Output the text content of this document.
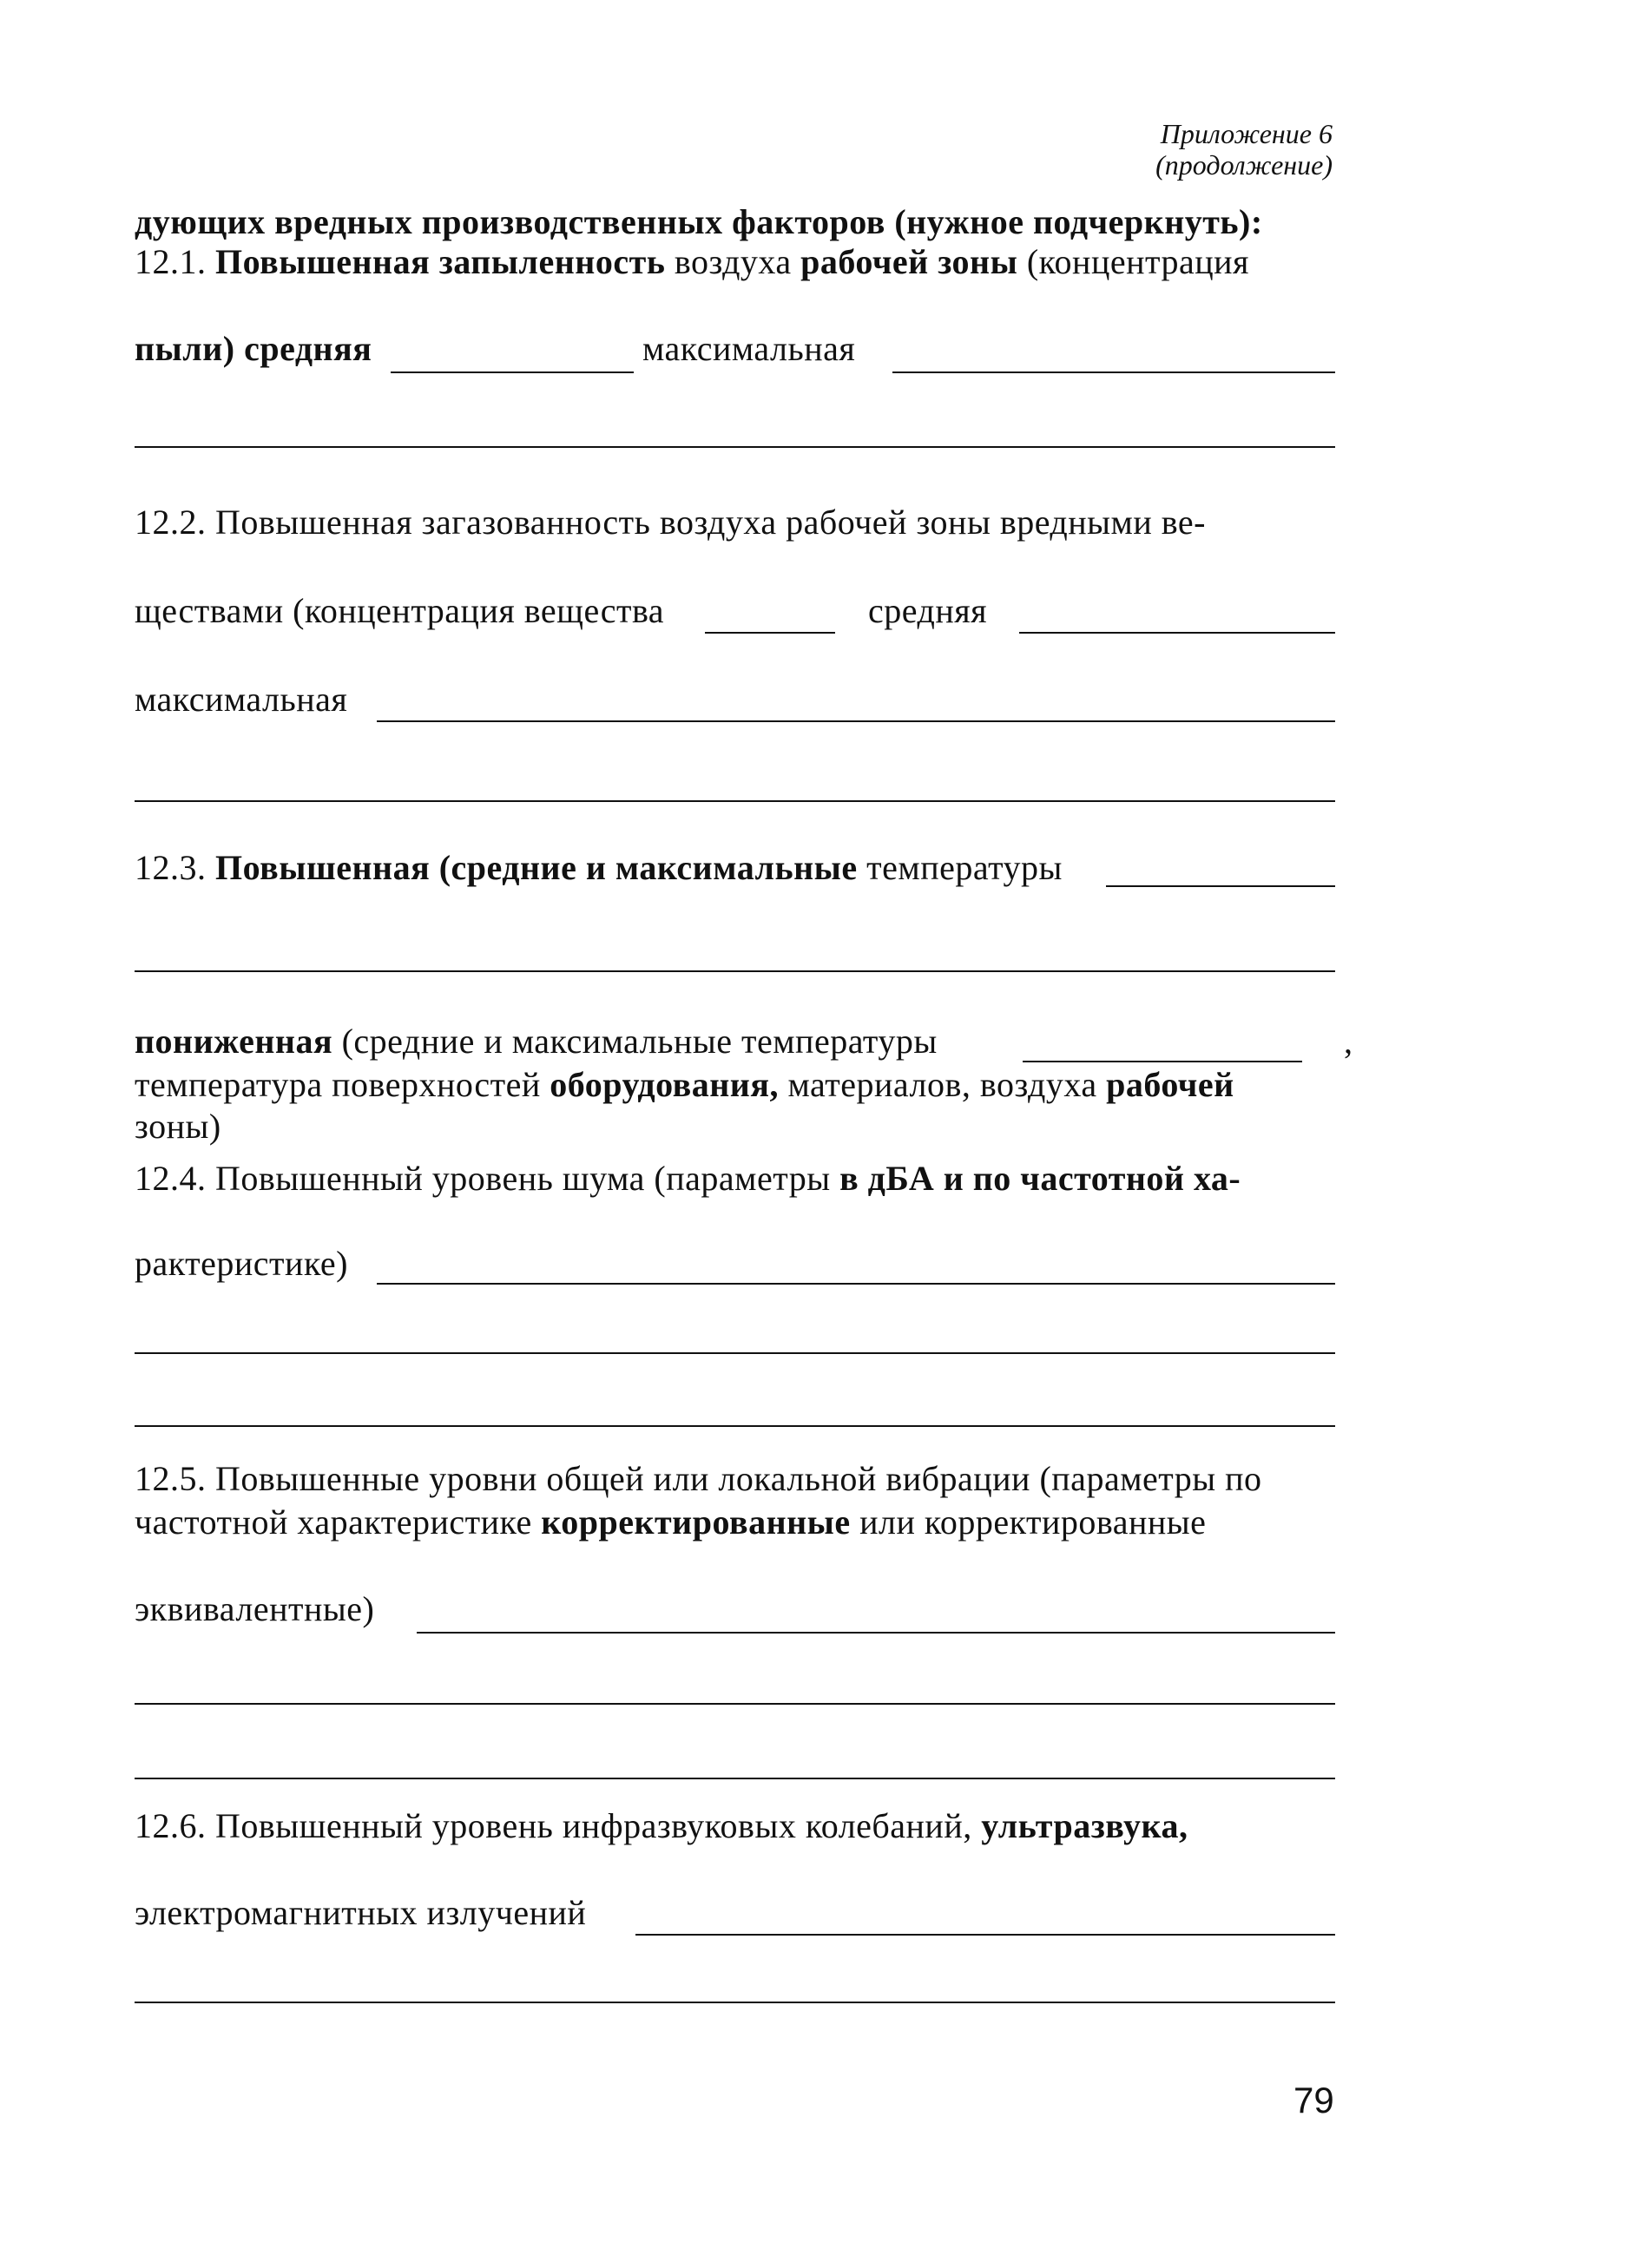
Приложение 6
(продолжение)
дующих вредных производственных факторов (нужное подчеркнуть):
12.1. Повышенная запыленность воздуха рабочей зоны (концентрация
пыли) средняя	максимальная
12.2. Повышенная загазованность воздуха рабочей зоны вредными ве-
ществами (концентрация вещества	средняя
максимальная
12.3. Повышенная (средние и максимальные температуры
пониженная (средние и максимальные температуры	,
температура поверхностей оборудования, материалов, воздуха рабочей
зоны)
12.4. Повышенный уровень шума (параметры в дБА и по частотной ха-
рактеристике)
12.5. Повышенные уровни общей или локальной вибрации (параметры по
частотной характеристике корректированные или корректированные
эквивалентные)
12.6. Повышенный уровень инфразвуковых колебаний, ультразвука,
электромагнитных излучений
79
